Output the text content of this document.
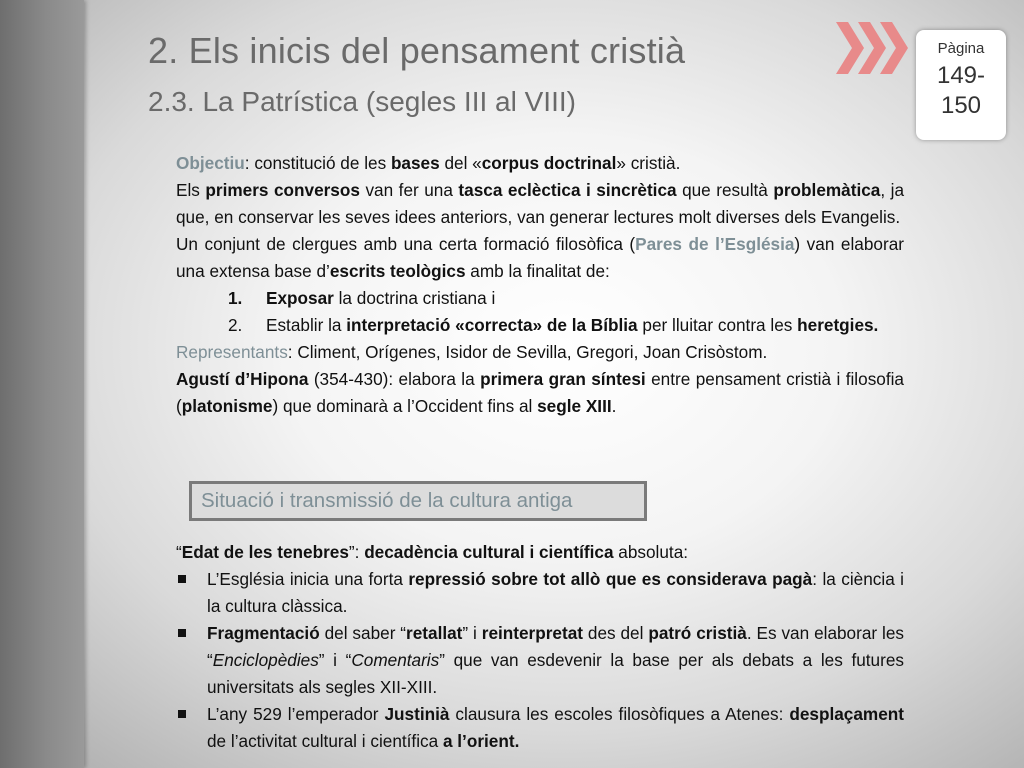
2. Els inicis del pensament cristià
2.3. La Patrística (segles III al VIII)
Pàgina
149-150

Objectiu: constitució de les bases del «corpus doctrinal» cristià.

Els primers conversos van fer una tasca eclèctica i sincrètica que resultà problemàtica, ja que, en conservar les seves idees anteriors, van generar lectures molt diverses dels Evangelis.

Un conjunt de clergues amb una certa formació filosòfica (Pares de l’Església) van elaborar una extensa base d’escrits teològics amb la finalitat de:

1. Exposar la doctrina cristiana i
2. Establir la interpretació «correcta» de la Bíblia per lluitar contra les heretgies.

Representants: Climent, Orígenes, Isidor de Sevilla, Gregori, Joan Crisòstom.

Agustí d’Hipona (354-430): elabora la primera gran síntesi entre pensament cristià i filosofia (platonisme) que dominarà a l’Occident fins al segle XIII.

Situació i transmissió de la cultura antiga

“Edat de les tenebres”: decadència cultural i científica absoluta:

L’Església inicia una forta repressió sobre tot allò que es considerava pagà: la ciència i la cultura clàssica.
Fragmentació del saber “retallat” i reinterpretat des del patró cristià. Es van elaborar les “Enciclopèdies” i “Comentaris” que van esdevenir la base per als debats a les futures universitats als segles XII-XIII.
L’any 529 l’emperador Justinià clausura les escoles filosòfiques a Atenes: desplaçament de l’activitat cultural i científica a l’orient.
